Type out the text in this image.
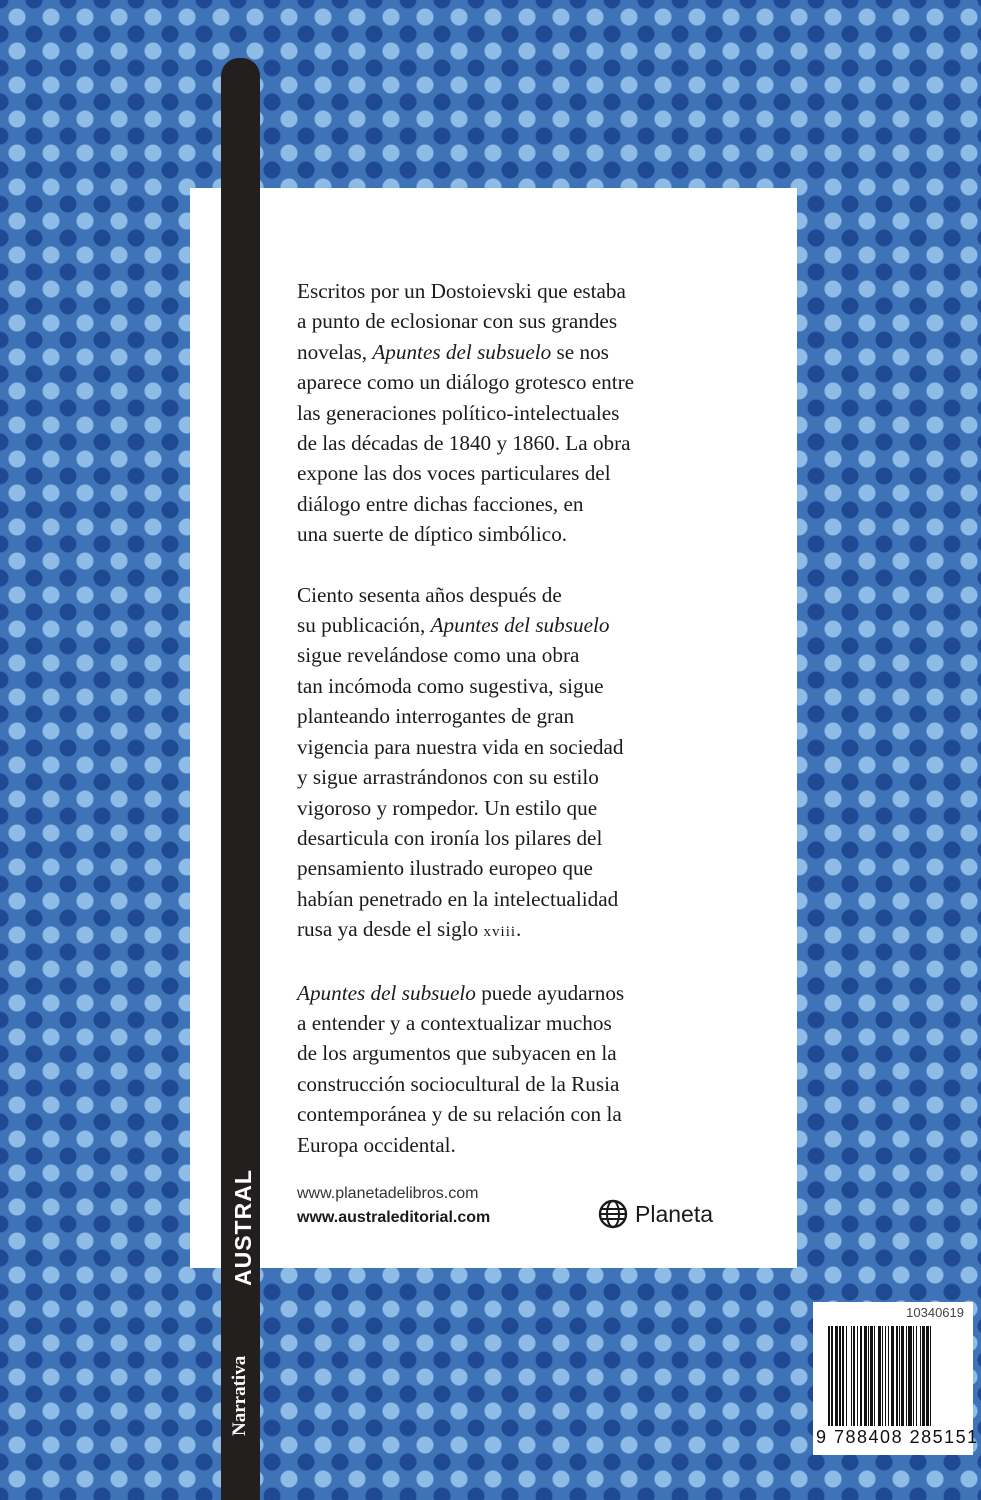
AUSTRAL
Narrativa

Escritos por un Dostoievski que estaba
a punto de eclosionar con sus grandes
novelas, Apuntes del subsuelo se nos
aparece como un diálogo grotesco entre
las generaciones político-intelectuales
de las décadas de 1840 y 1860. La obra
expone las dos voces particulares del
diálogo entre dichas facciones, en
una suerte de díptico simbólico.

Ciento sesenta años después de
su publicación, Apuntes del subsuelo
sigue revelándose como una obra
tan incómoda como sugestiva, sigue
planteando interrogantes de gran
vigencia para nuestra vida en sociedad
y sigue arrastrándonos con su estilo
vigoroso y rompedor. Un estilo que
desarticula con ironía los pilares del
pensamiento ilustrado europeo que
habían penetrado en la intelectualidad
rusa ya desde el siglo xviii.

Apuntes del subsuelo puede ayudarnos
a entender y a contextualizar muchos
de los argumentos que subyacen en la
construcción sociocultural de la Rusia
contemporánea y de su relación con la
Europa occidental.

www.planetadelibros.com
www.australeditorial.com	Planeta
10340619
9 788408 285151
